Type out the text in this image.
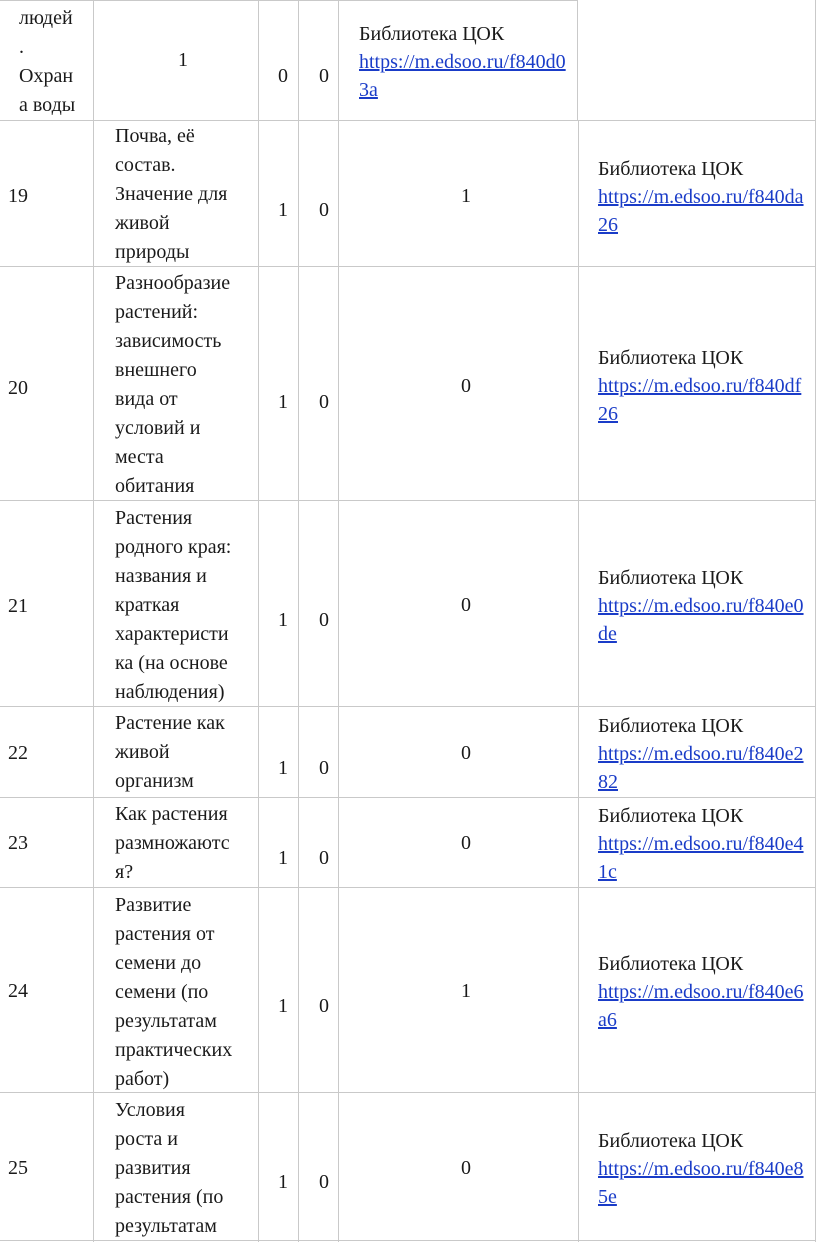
людей
.
Охран
а воды
1
0 0
Библиотека ЦОК
https://m.edsoo.ru/f840d03a
19
Почва, её
состав.
Значение для
живой
природы
1 0
1
Библиотека ЦОК
https://m.edsoo.ru/f840da26
20
Разнообразие
растений:
зависимость
внешнего
вида от
условий и
места
обитания
1 0
0
Библиотека ЦОК
https://m.edsoo.ru/f840df26
21
Растения
родного края:
названия и
краткая
характеристи
ка (на основе
наблюдения)
1 0
0
Библиотека ЦОК
https://m.edsoo.ru/f840e0de
22
Растение как
живой
организм
1 0
0
Библиотека ЦОК
https://m.edsoo.ru/f840e282
23
Как растения
размножаютс
я?
1 0
0
Библиотека ЦОК
https://m.edsoo.ru/f840e41c
24
Развитие
растения от
семени до
семени (по
результатам
практических
работ)
1 0
1
Библиотека ЦОК
https://m.edsoo.ru/f840e6a6
25
Условия
роста и
развития
растения (по
результатам
1 0
0
Библиотека ЦОК
https://m.edsoo.ru/f840e85e
